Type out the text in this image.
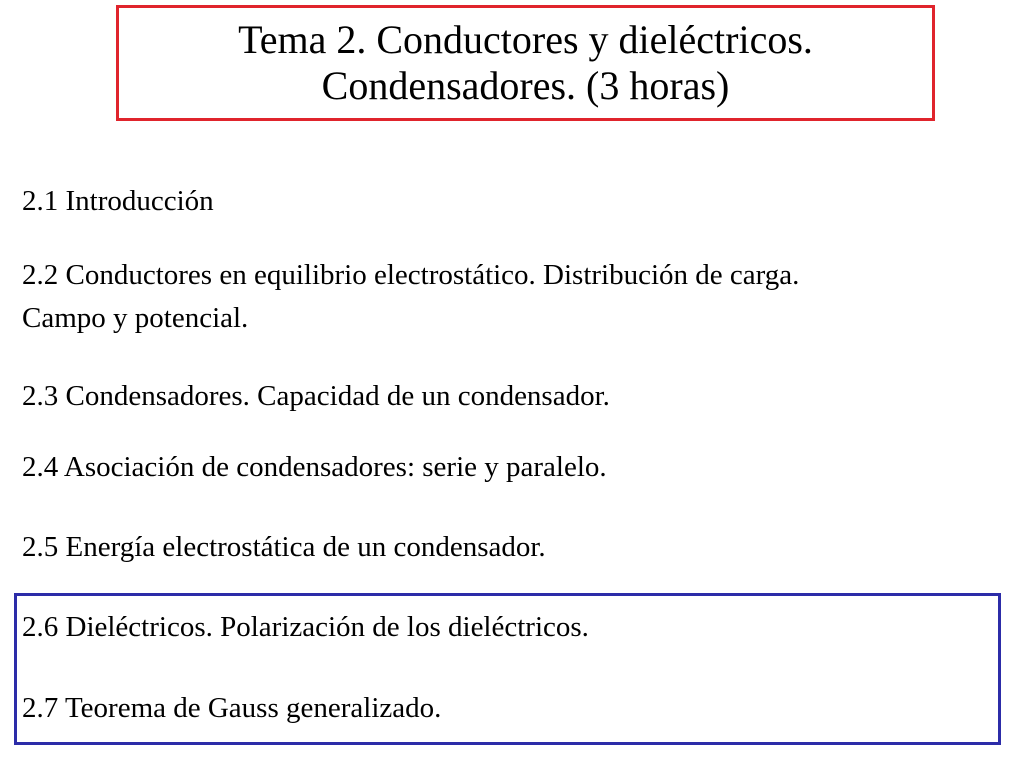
Tema 2. Conductores y dieléctricos.
Condensadores. (3 horas)
2.1 Introducción
2.2 Conductores en equilibrio electrostático. Distribución de carga.
Campo y potencial.
2.3 Condensadores. Capacidad de un condensador.
2.4 Asociación de condensadores: serie y paralelo.
2.5 Energía electrostática de un condensador.
2.6 Dieléctricos. Polarización de los dieléctricos.
2.7 Teorema de Gauss generalizado.
